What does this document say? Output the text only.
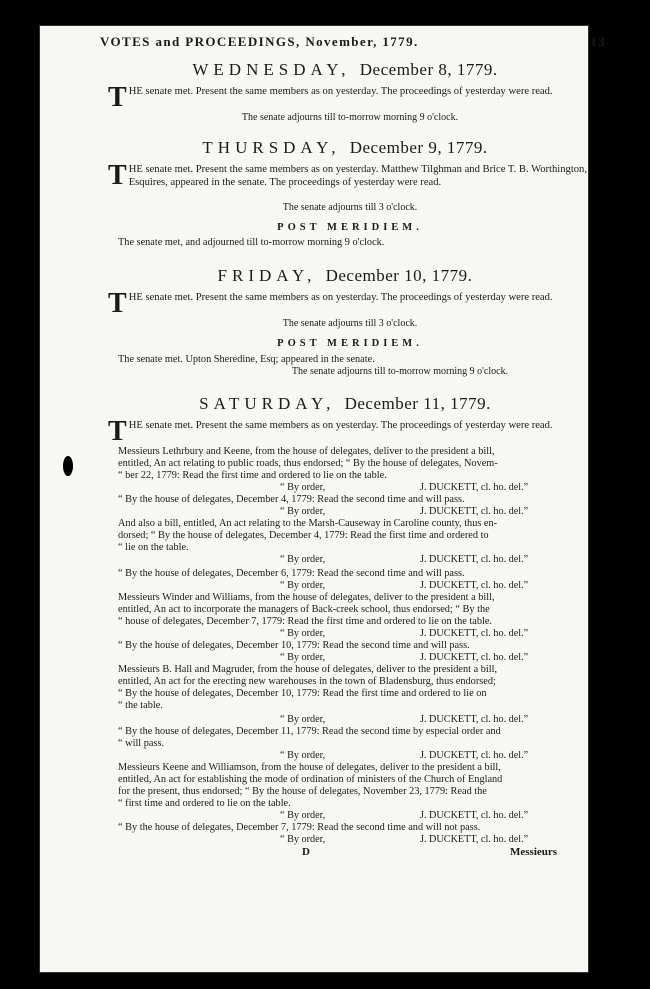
VOTES and PROCEEDINGS, November, 1779.	13
WEDNESDAY, December 8, 1779.
THE senate met. Present the same members as on yesterday. The proceedings of yesterday were read.
The senate adjourns till to-morrow morning 9 o'clock.
THURSDAY, December 9, 1779.
THE senate met. Present the same members as on yesterday. Matthew Tilghman and Brice T. B. Worthington, Esquires, appeared in the senate. The proceedings of yesterday were read.
The senate adjourns till 3 o'clock.
POST MERIDIEM.
The senate met, and adjourned till to-morrow morning 9 o'clock.
FRIDAY, December 10, 1779.
THE senate met. Present the same members as on yesterday. The proceedings of yesterday were read.
The senate adjourns till 3 o'clock.
POST MERIDIEM.
The senate met. Upton Sheredine, Esq; appeared in the senate.
The senate adjourns till to-morrow morning 9 o'clock.
SATURDAY, December 11, 1779.
THE senate met. Present the same members as on yesterday. The proceedings of yesterday were read.
Messieurs Lethrbury and Keene, from the house of delegates, deliver to the president a bill,
entitled, An act relating to public roads, thus endorsed; “ By the house of delegates, Novem-
“ ber 22, 1779: Read the first time and ordered to lie on the table.
“ By order,	J. DUCKETT, cl. ho. del.”
“ By the house of delegates, December 4, 1779: Read the second time and will pass.
“ By order,	J. DUCKETT, cl. ho. del.”
And also a bill, entitled, An act relating to the Marsh-Causeway in Caroline county, thus en-
dorsed; “ By the house of delegates, December 4, 1779: Read the first time and ordered to
“ lie on the table.
“ By order,	J. DUCKETT, cl. ho. del.”
“ By the house of delegates, December 6, 1779: Read the second time and will pass.
“ By order,	J. DUCKETT, cl. ho. del.”
Messieurs Winder and Williams, from the house of delegates, deliver to the president a bill,
entitled, An act to incorporate the managers of Back-creek school, thus endorsed; “ By the
“ house of delegates, December 7, 1779: Read the first time and ordered to lie on the table.
“ By order,	J. DUCKETT, cl. ho. del.”
“ By the house of delegates, December 10, 1779: Read the second time and will pass.
“ By order,	J. DUCKETT, cl. ho. del.”
Messieurs B. Hall and Magruder, from the house of delegates, deliver to the president a bill,
entitled, An act for the erecting new warehouses in the town of Bladensburg, thus endorsed;
“ By the house of delegates, December 10, 1779: Read the first time and ordered to lie on
“ the table.
“ By order,	J. DUCKETT, cl. ho. del.”
“ By the house of delegates, December 11, 1779: Read the second time by especial order and
“ will pass.
“ By order,	J. DUCKETT, cl. ho. del.”
Messieurs Keene and Williamson, from the house of delegates, deliver to the president a bill,
entitled, An act for establishing the mode of ordination of ministers of the Church of England
for the present, thus endorsed; “ By the house of delegates, November 23, 1779: Read the
“ first time and ordered to lie on the table.
“ By order,	J. DUCKETT, cl. ho. del.”
“ By the house of delegates, December 7, 1779: Read the second time and will not pass.
“ By order,	J. DUCKETT, cl. ho. del.”
D	Messieurs
